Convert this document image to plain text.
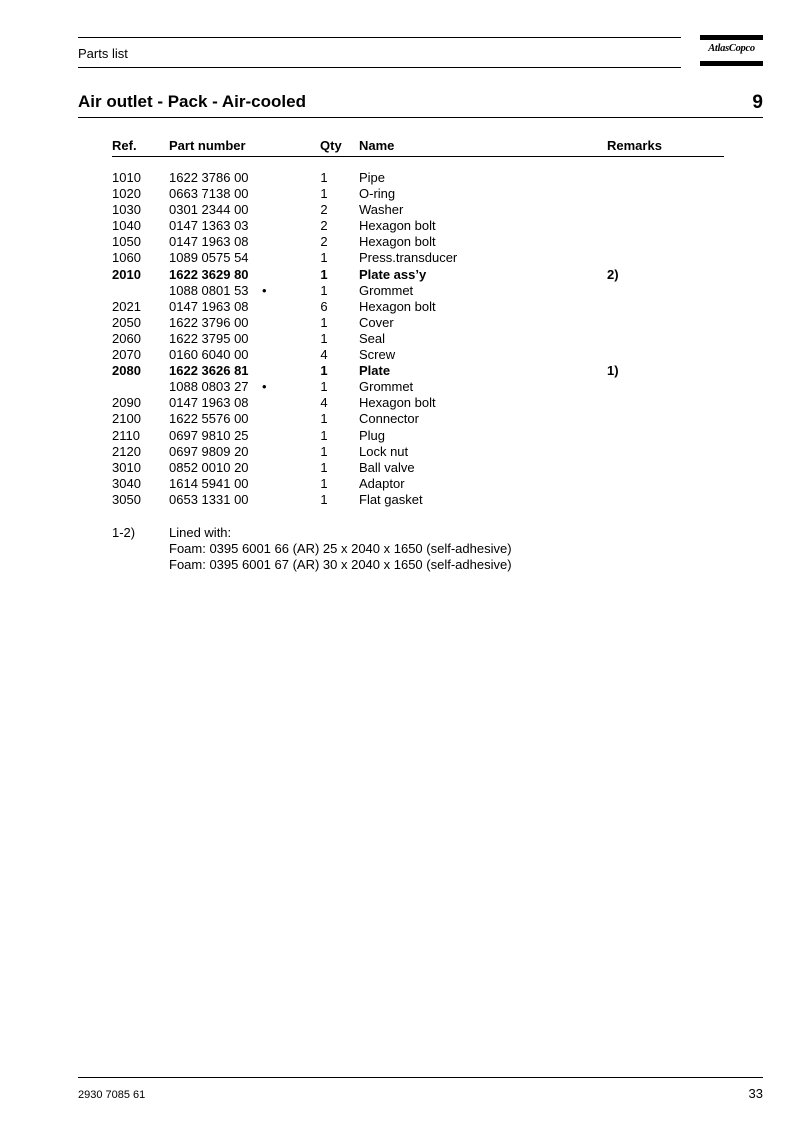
Parts list	AtlasCopco
Air outlet - Pack - Air-cooled	9
Ref. Part number	Qty Name	Remarks
1010 1622 3786 00	1	Pipe
1020 0663 7138 00	1	O-ring
1030 0301 2344 00	2	Washer
1040 0147 1363 03	2	Hexagon bolt
1050 0147 1963 08	2	Hexagon bolt
1060 1089 0575 54	1	Press.transducer
2010 1622 3629 80	1	Plate ass’y	2)
1088 0801 53 •	1	Grommet
2021 0147 1963 08	6	Hexagon bolt
2050 1622 3796 00	1	Cover
2060 1622 3795 00	1	Seal
2070 0160 6040 00	4	Screw
2080 1622 3626 81	1	Plate	1)
1088 0803 27 •	1	Grommet
2090 0147 1963 08	4	Hexagon bolt
2100 1622 5576 00	1	Connector
2110 0697 9810 25	1	Plug
2120 0697 9809 20	1	Lock nut
3010 0852 0010 20	1	Ball valve
3040 1614 5941 00	1	Adaptor
3050 0653 1331 00	1	Flat gasket
1-2)	Lined with:
Foam: 0395 6001 66 (AR) 25 x 2040 x 1650 (self-adhesive)
Foam: 0395 6001 67 (AR) 30 x 2040 x 1650 (self-adhesive)
2930 7085 61	33
